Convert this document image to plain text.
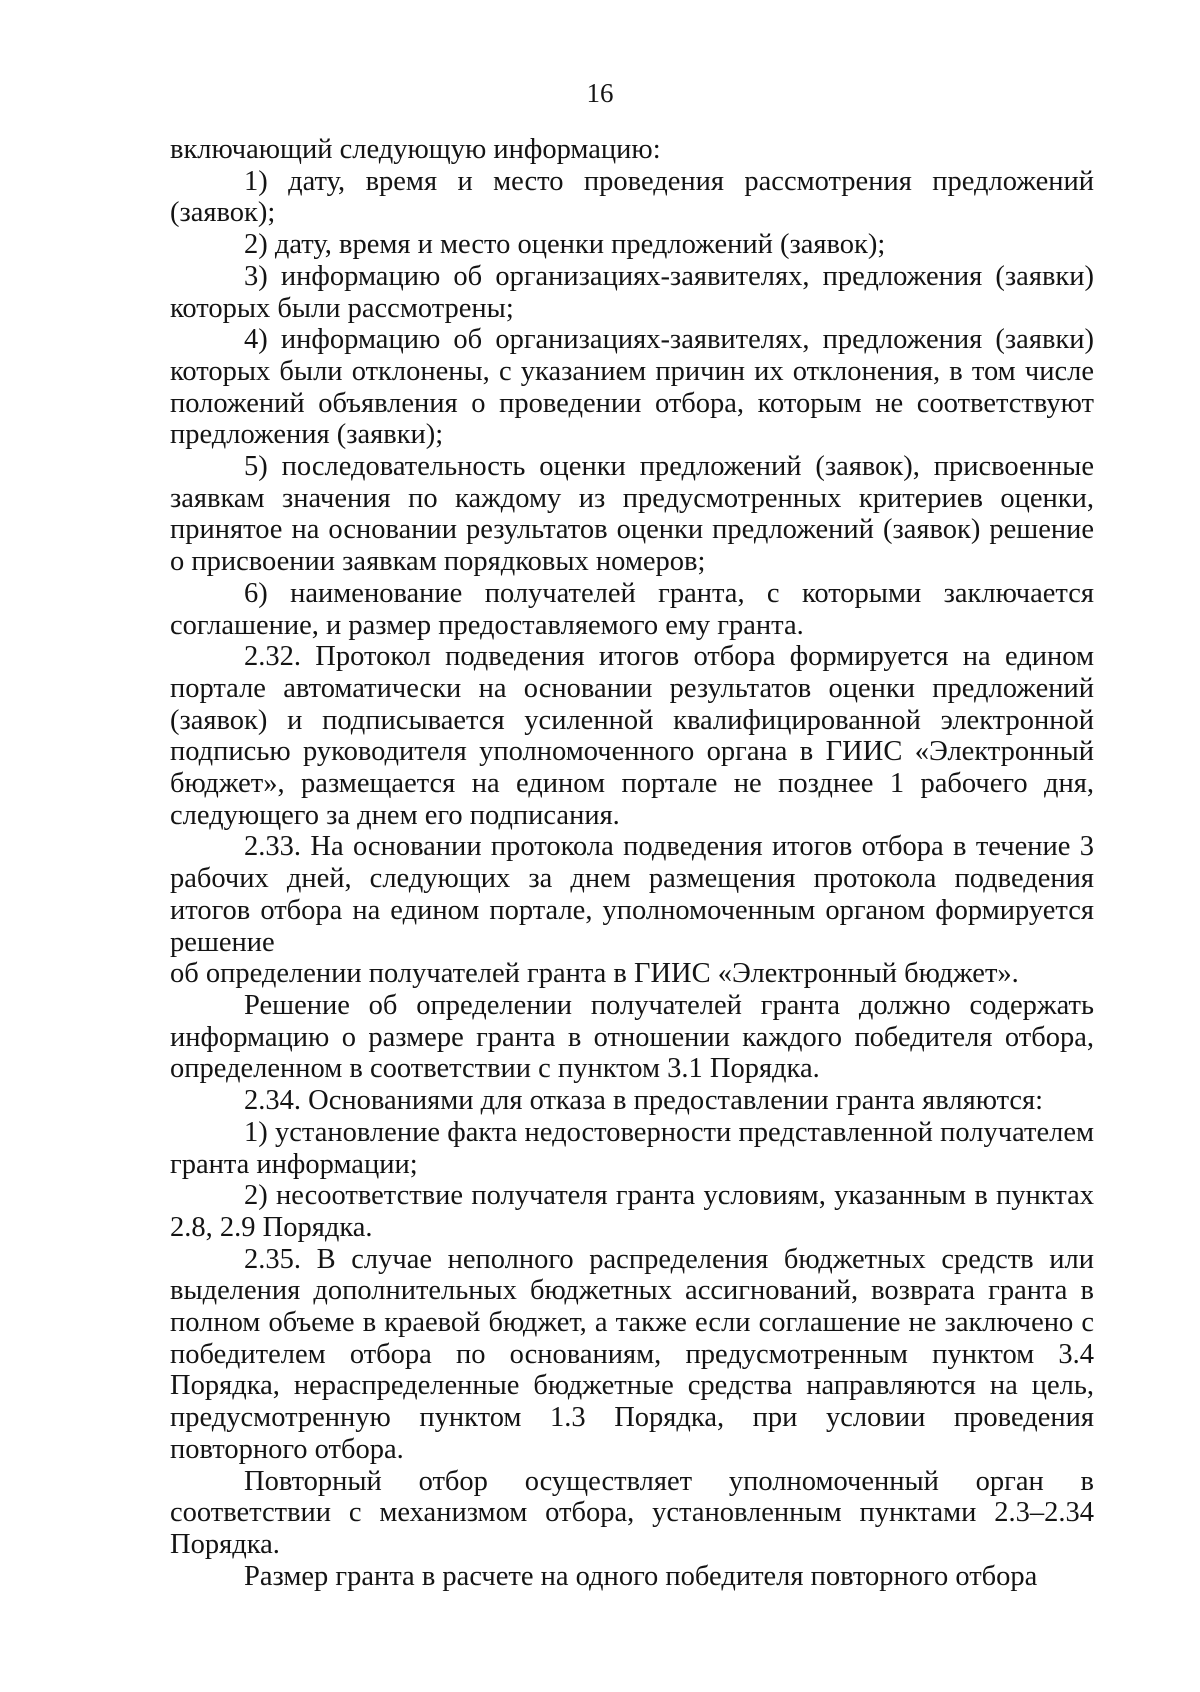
16

включающий следующую информацию:

1) дату, время и место проведения рассмотрения предложений (заявок);

2) дату, время и место оценки предложений (заявок);

3) информацию об организациях-заявителях, предложения (заявки) которых были рассмотрены;

4) информацию об организациях-заявителях, предложения (заявки) которых были отклонены, с указанием причин их отклонения, в том числе положений объявления о проведении отбора, которым не соответствуют предложения (заявки);

5) последовательность оценки предложений (заявок), присвоенные заявкам значения по каждому из предусмотренных критериев оценки, принятое на основании результатов оценки предложений (заявок) решение о присвоении заявкам порядковых номеров;

6) наименование получателей гранта, с которыми заключается соглашение, и размер предоставляемого ему гранта.

2.32. Протокол подведения итогов отбора формируется на едином портале автоматически на основании результатов оценки предложений (заявок) и подписывается усиленной квалифицированной электронной подписью руководителя уполномоченного органа в ГИИС «Электронный бюджет», размещается на едином портале не позднее 1 рабочего дня, следующего за днем его подписания.

2.33. На основании протокола подведения итогов отбора в течение 3 рабочих дней, следующих за днем размещения протокола подведения итогов отбора на едином портале, уполномоченным органом формируется решение

об определении получателей гранта в ГИИС «Электронный бюджет».

Решение об определении получателей гранта должно содержать информацию о размере гранта в отношении каждого победителя отбора, определенном в соответствии с пунктом 3.1 Порядка.

2.34. Основаниями для отказа в предоставлении гранта являются:

1) установление факта недостоверности представленной получателем гранта информации;

2) несоответствие получателя гранта условиям, указанным в пунктах 2.8, 2.9 Порядка.

2.35. В случае неполного распределения бюджетных средств или выделения дополнительных бюджетных ассигнований, возврата гранта в полном объеме в краевой бюджет, а также если соглашение не заключено с победителем отбора по основаниям, предусмотренным пунктом 3.4 Порядка, нераспределенные бюджетные средства направляются на цель, предусмотренную пунктом 1.3 Порядка, при условии проведения повторного отбора.

Повторный отбор осуществляет уполномоченный орган в соответствии с механизмом отбора, установленным пунктами 2.3–2.34 Порядка.

Размер гранта в расчете на одного победителя повторного отбора
